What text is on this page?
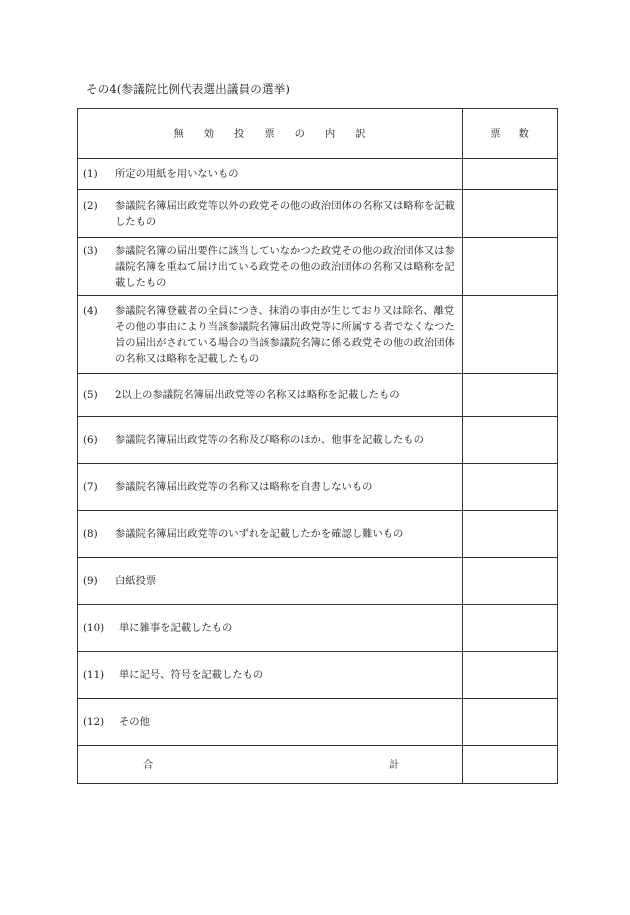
その4(参議院比例代表選出議員の選挙)
無効投票の内訳	票数

(1) 所定の用紙を用いないもの	

(2) 参議院名簿届出政党等以外の政党その他の政治団体の名称又は略称を記載したもの	

(3) 参議院名簿の届出要件に該当していなかつた政党その他の政治団体又は参議院名簿を重ねて届け出ている政党その他の政治団体の名称又は略称を記載したもの	

(4) 参議院名簿登載者の全員につき、抹消の事由が生じており又は除名、離党その他の事由により当該参議院名簿届出政党等に所属する者でなくなつた旨の届出がされている場合の当該参議院名簿に係る政党その他の政治団体の名称又は略称を記載したもの	

(5) 2以上の参議院名簿届出政党等の名称又は略称を記載したもの	

(6) 参議院名簿届出政党等の名称及び略称のほか、他事を記載したもの	

(7) 参議院名簿届出政党等の名称又は略称を自書しないもの	

(8) 参議院名簿届出政党等のいずれを記載したかを確認し難いもの	

(9) 白紙投票	

(10) 単に雑事を記載したもの	

(11) 単に記号、符号を記載したもの	

(12) その他	

合 計	
